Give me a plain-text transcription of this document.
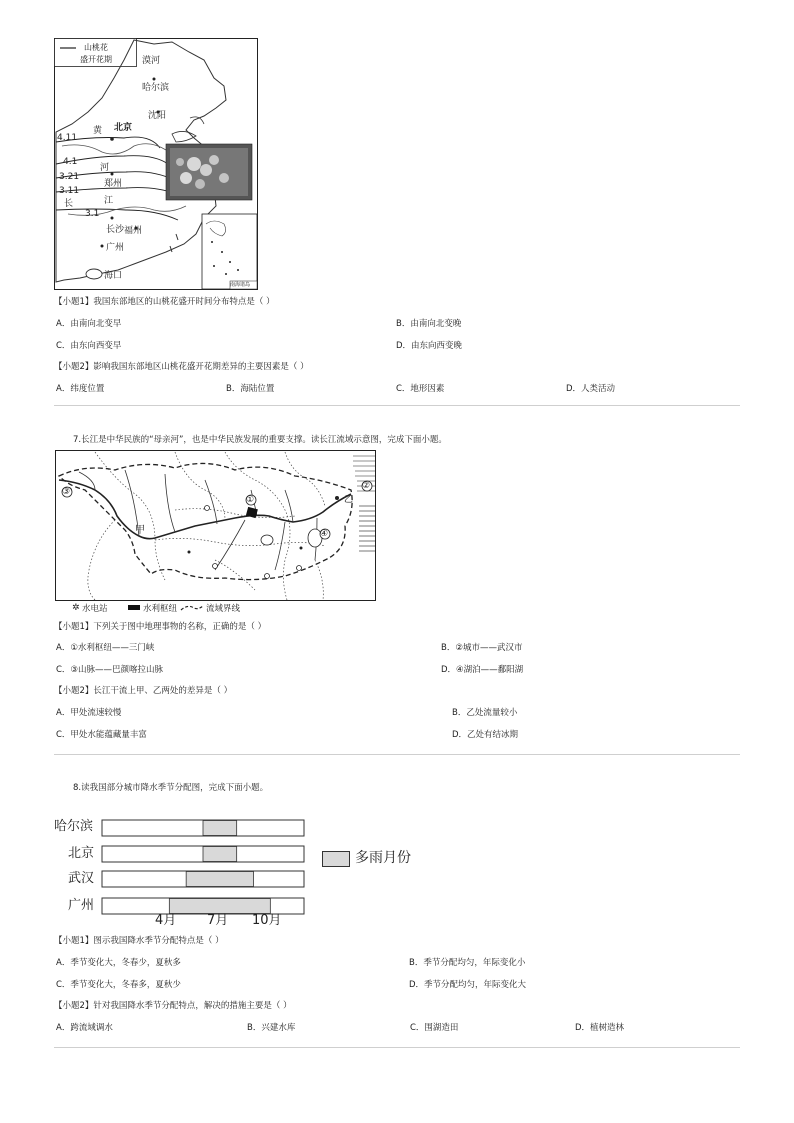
山桃花
盛开花期	漠河
哈尔滨
沈阳
北京
黄
河
郑州
长	江
长沙 福州
广州
海口
4.11
4.1
3.21
3.11
3.1
南海诸岛
【小题1】我国东部地区的山桃花盛开时间分布特点是（ ）
A．由南向北变早	B．由南向北变晚
C．由东向西变早	D．由东向西变晚
【小题2】影响我国东部地区山桃花盛开花期差异的主要因素是（ ）
A．纬度位置	B．海陆位置	C．地形因素	D．人类活动
7.长江是中华民族的“母亲河”，也是中华民族发展的重要支撑。读长江流域示意图，完成下面小题。
①
②
③
④
甲
乙
✲ 水电站	水利枢纽	流域界线
【小题1】下列关于图中地理事物的名称，正确的是（ ）
A．①水利枢纽——三门峡	B．②城市——武汉市
C．③山脉——巴颜喀拉山脉	D．④湖泊——鄱阳湖
【小题2】长江干流上甲、乙两处的差异是（ ）
A．甲处流速较慢	B．乙处流量较小
C．甲处水能蕴藏量丰富	D．乙处有结冰期
8.读我国部分城市降水季节分配图，完成下面小题。
哈尔滨
北京
武汉
广州
4月 7月 10月
多雨月份
【小题1】图示我国降水季节分配特点是（ ）
A．季节变化大，冬春少，夏秋多	B．季节分配均匀，年际变化小
C．季节变化大，冬春多，夏秋少	D．季节分配均匀，年际变化大
【小题2】针对我国降水季节分配特点，解决的措施主要是（ ）
A．跨流域调水	B．兴建水库	C．围湖造田	D．植树造林
